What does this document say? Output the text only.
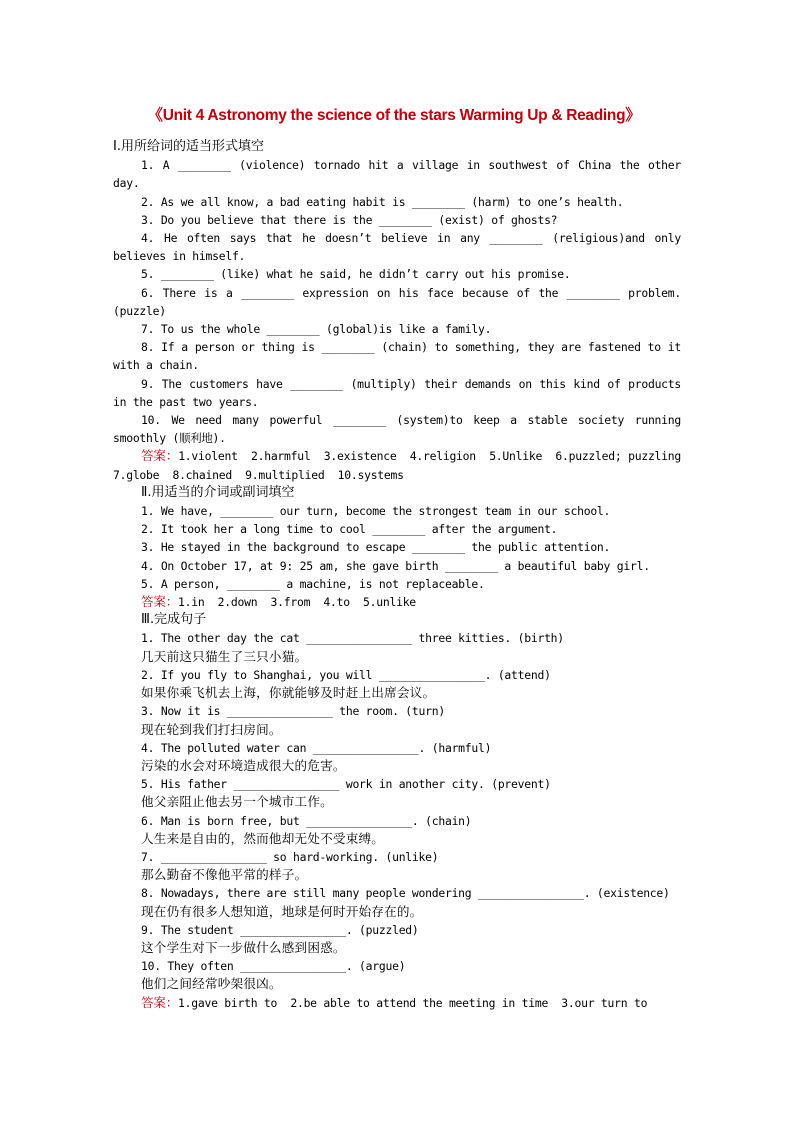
《Unit 4 Astronomy the science of the stars Warming Up & Reading》
Ⅰ.用所给词的适当形式填空
1. A ________ (violence) tornado hit a village in southwest of China the other day.
2. As we all know, a bad eating habit is ________ (harm) to one’s health.
3. Do you believe that there is the ________ (exist) of ghosts?
4. He often says that he doesn’t believe in any ________ (religious)and only believes in himself.
5. ________ (like) what he said, he didn’t carry out his promise.
6. There is a ________ expression on his face because of the ________ problem.(puzzle)
7. To us the whole ________ (global)is like a family.
8. If a person or thing is ________ (chain) to something, they are fastened to it with a chain.
9. The customers have ________ (multiply) their demands on this kind of products in the past two years.
10. We need many powerful ________ (system)to keep a stable society running smoothly (顺利地).
答案：1.violent  2.harmful  3.existence  4.religion  5.Unlike  6.puzzled; puzzling  7.globe  8.chained  9.multiplied  10.systems
Ⅱ.用适当的介词或副词填空
1. We have, ________ our turn, become the strongest team in our school.
2. It took her a long time to cool ________ after the argument.
3. He stayed in the background to escape ________ the public attention.
4. On October 17, at 9: 25 am, she gave birth ________ a beautiful baby girl.
5. A person, ________ a machine, is not replaceable.
答案：1.in  2.down  3.from  4.to  5.unlike
Ⅲ.完成句子
1. The other day the cat ________________ three kitties. (birth)
几天前这只猫生了三只小猫。
2. If you fly to Shanghai, you will ________________. (attend)
如果你乘飞机去上海，你就能够及时赶上出席会议。
3. Now it is ________________ the room. (turn)
现在轮到我们打扫房间。
4. The polluted water can ________________. (harmful)
污染的水会对环境造成很大的危害。
5. His father ________________ work in another city. (prevent)
他父亲阻止他去另一个城市工作。
6. Man is born free, but ________________. (chain)
人生来是自由的，然而他却无处不受束缚。
7. ________________ so hard-working. (unlike)
那么勤奋不像他平常的样子。
8. Nowadays, there are still many people wondering ________________. (existence)
现在仍有很多人想知道，地球是何时开始存在的。
9. The student ________________. (puzzled)
这个学生对下一步做什么感到困惑。
10. They often ________________. (argue)
他们之间经常吵架很凶。
答案：1.gave birth to  2.be able to attend the meeting in time  3.our turn to
